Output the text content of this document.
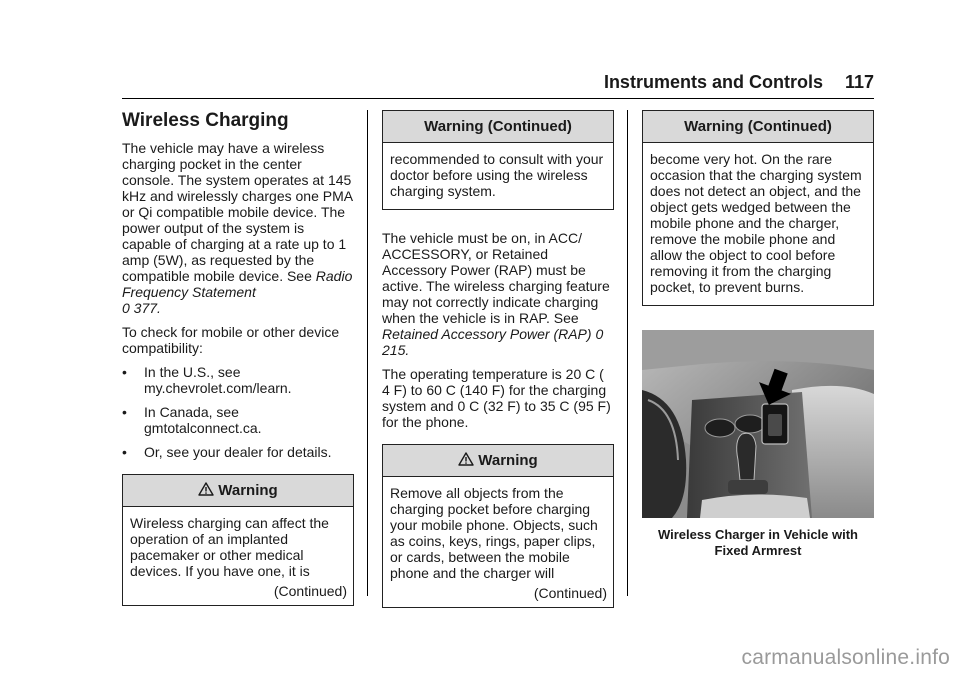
Instruments and Controls 117
Wireless Charging

The vehicle may have a wireless charging pocket in the center console. The system operates at 145 kHz and wirelessly charges one PMA or Qi compatible mobile device. The power output of the system is capable of charging at a rate up to 1 amp (5W), as requested by the compatible mobile device. See Radio Frequency Statement
0 377.

To check for mobile or other device compatibility:

•	In the U.S., see my.chevrolet.com/learn.
•	In Canada, see gmtotalconnect.ca.
•	Or, see your dealer for details.
Warning

Wireless charging can affect the operation of an implanted pacemaker or other medical devices. If you have one, it is

(Continued)
Warning (Continued)

recommended to consult with your doctor before using the wireless charging system.

The vehicle must be on, in ACC/ ACCESSORY, or Retained Accessory Power (RAP) must be active. The wireless charging feature may not correctly indicate charging when the vehicle is in RAP. See Retained Accessory Power (RAP) 0 215.

The operating temperature is 20 C ( 4 F) to 60 C (140 F) for the charging system and 0 C (32 F) to 35 C (95 F) for the phone.

Warning

Remove all objects from the charging pocket before charging your mobile phone. Objects, such as coins, keys, rings, paper clips, or cards, between the mobile phone and the charger will

(Continued)
Warning (Continued)

become very hot. On the rare occasion that the charging system does not detect an object, and the object gets wedged between the mobile phone and the charger, remove the mobile phone and allow the object to cool before removing it from the charging pocket, to prevent burns.

Wireless Charger in Vehicle with Fixed Armrest
carmanualsonline.info
